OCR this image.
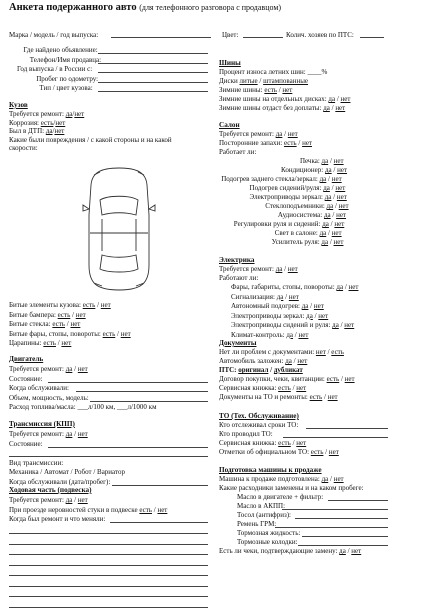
Анкета подержанного авто (для телефонного разговора с продавцом)
Марка / модель / год выпуска:	Цвет:	Колич. хозяев по ПТС:
Где найдено объявление:
Телефон/Имя продавца:
Год выпуска / в России с:
Пробег по одометру:
Тип / цвет кузова:
Кузов
Требуется ремонт: да/нет
Коррозия: есть/нет
Был в ДТП: да/нет
Какие были повреждения / с какой стороны и на какой
скорости:
Битые элементы кузова: есть / нет
Битые бампера: есть / нет
Битые стекла: есть / нет
Битые фары, стопы, повороты: есть / нет
Царапины: есть / нет
Двигатель
Требуется ремонт: да / нет
Состояние:
Когда обслуживали:
Объем, мощность, модель:
Расход топлива/масла: ___л/100 км, ___л/1000 км
Трансмиссия (КПП)
Требуется ремонт: да / нет
Состояние:
Вид трансмиссии:
Механика / Автомат / Робот / Вариатор
Когда обслуживали (дата/пробег):
Ходовая часть (подвеска)
Требуется ремонт: да / нет
При проезде неровностей стуки в подвеске есть / нет
Когда был ремонт и что меняли:
Шины
Процент износа летних шин: ____%
Диски литые / штампованные
Зимние шины: есть / нет
Зимние шины на отдельных дисках: да / нет
Зимние шины отдаст без доплаты: да / нет
Салон
Требуется ремонт: да / нет
Посторонние запахи: есть / нет
Работает ли:
Печка: да / нет
Кондиционер: да / нет
Подогрев заднего стекла/зеркал: да / нет
Подогрев сидений/руля: да / нет
Электроприводы зеркал: да / нет
Стеклоподъемники: да / нет
Аудиосистема: да / нет
Регулировки руля и сидений: да / нет
Свет в салоне: да / нет
Усилитель руля: да / нет
Электрика
Требуется ремонт: да / нет
Работают ли:
Фары, габариты, стопы, повороты: да / нет
Сигнализация: да / нет
Автономный подогрев: да / нет
Электроприводы зеркал: да / нет
Электроприводы сидений и руля: да / нет
Климат-контроль: да / нет
Документы
Нет ли проблем с документами: нет / есть
Автомобиль заложен: да / нет
ПТС: оригинал / дубликат
Договор покупки, чеки, квитанции: есть / нет
Сервисная книжка: есть / нет
Документы на ТО и ремонты: есть / нет
ТО (Тех. Обслуживание)
Кто отслеживал сроки ТО:
Кто проводил ТО:
Сервисная книжка: есть / нет
Отметки об официальном ТО: есть / нет
Подготовка машины к продаже
Машина к продаже подготовлена: да / нет
Какие расходники заменены и на каком пробеге:
Масло в двигателе + фильтр:
Масло в АКПП:
Тосол (антифриз):
Ремень ГРМ:
Тормозная жидкость:
Тормозные колодки:
Есть ли чеки, подтверждающие замену: да / нет
